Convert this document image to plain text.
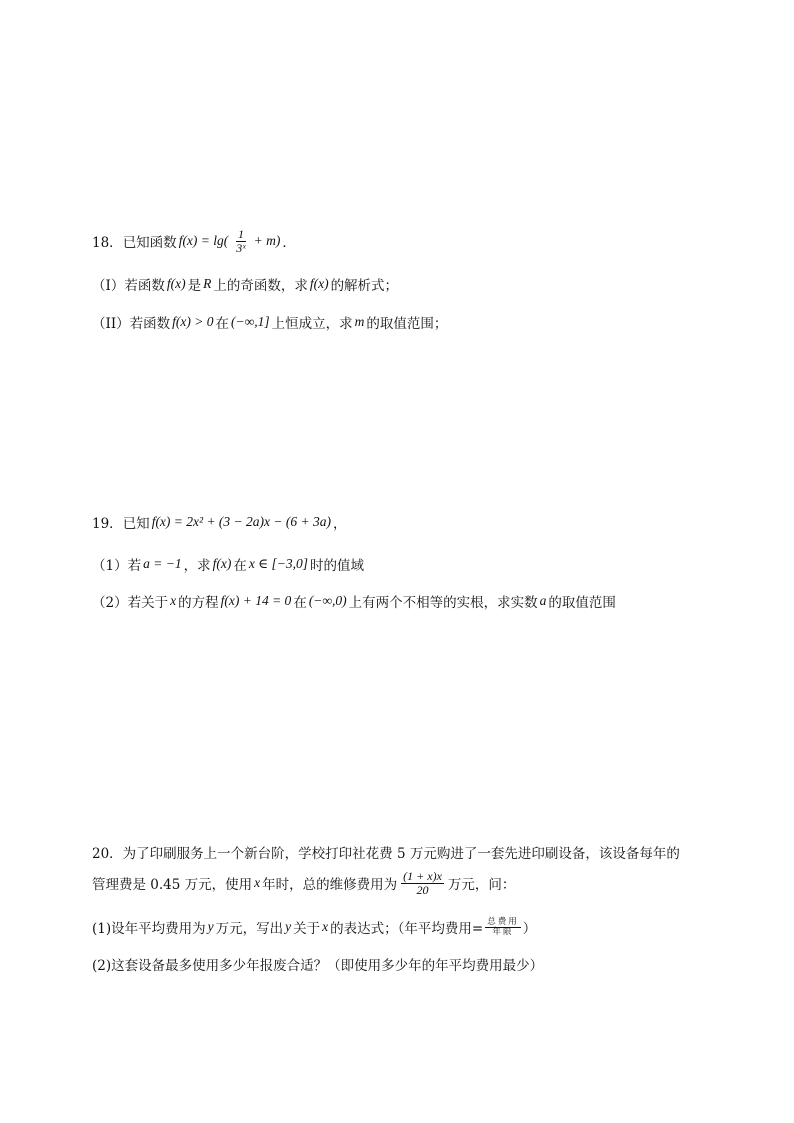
18． 已知函数 $f(x) = \lg( \frac{1}{\text{3ˣ}} + m)$ ．
（I）若函数 f(x) 是 R 上的奇函数，求 f(x) 的解析式；
（II）若函数 f(x) > 0 在 (−∞,1] 上恒成立，求 m 的取值范围；
19． 已知 f(x) = 2x² + (3 − 2a)x − (6 + 3a) ，
（1）若 a = −1 ，求 f(x) 在 x ∈ [−3,0] 时的值域
（2）若关于 x 的方程 f(x) + 14 = 0 在 (−∞,0) 上有两个不相等的实根，求实数 a 的取值范围
20．为了印刷服务上一个新台阶，学校打印社花费 5 万元购进了一套先进印刷设备，该设备每年的
管理费是 0.45 万元，使用 x 年时，总的维修费用为 $\frac{(1 + x)x}{20}$ 万元，问：
(1)设年平均费用为 y 万元，写出 y 关于 x 的表达式；（年平均费用= $\frac{\text{总费用}}{\text{年限}}$ ）
(2)这套设备最多使用多少年报废合适？（即使用多少年的年平均费用最少）
